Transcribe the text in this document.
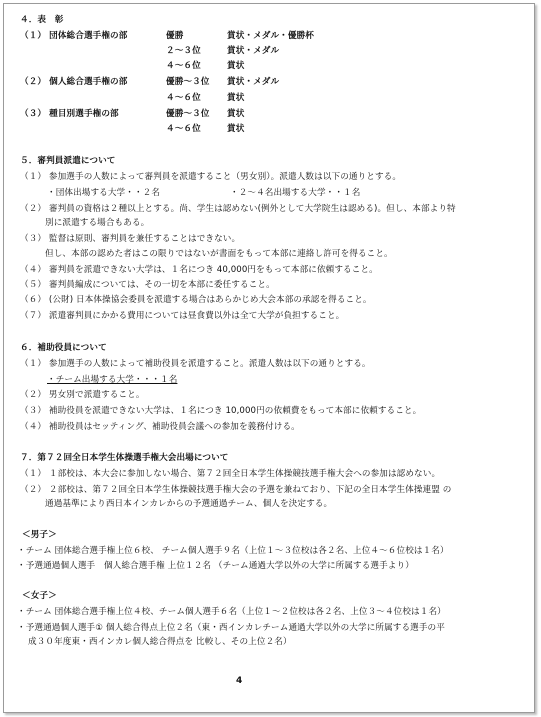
４．表　彰
（１） 団体総合選手権の部	優勝	賞状・メダル・優勝杯
２～３位	賞状・メダル
４～６位	賞状
（２） 個人総合選手権の部	優勝～３位 賞状・メダル
４～６位	賞状
（３） 種目別選手権の部	優勝～３位 賞状
４～６位	賞状
５．審判員派遣について
（１） 参加選手の人数によって審判員を派遣すること（男女別）。派遣人数は以下の通りとする。
・団体出場する大学・・２名	・２～４名出場する大学・・１名
（２） 審判員の資格は２種以上とする。尚、学生は認めない(例外として大学院生は認める)。但し、本部より特
別に派遣する場合もある。
（３） 監督は原則、審判員を兼任することはできない。
但し、本部の認めた者はこの限りではないが書面をもって本部に連絡し許可を得ること。
（４） 審判員を派遣できない大学は、１名につき 40,000円をもって本部に依頼すること。
（５） 審判員編成については、その一切を本部に委任すること。
（６） (公財) 日本体操協会委員を派遣する場合はあらかじめ大会本部の承認を得ること。
（７） 派遣審判員にかかる費用については昼食費以外は全て大学が負担すること。
６．補助役員について
（１） 参加選手の人数によって補助役員を派遣すること。派遣人数は以下の通りとする。
・チーム出場する大学・・・１名
（２） 男女別で派遣すること。
（３） 補助役員を派遣できない大学は、１名につき 10,000円の依頼費をもって本部に依頼すること。
（４） 補助役員はセッティング、補助役員会議への参加を義務付ける。
７．第７２回全日本学生体操選手権大会出場について
（１） １部校は、本大会に参加しない場合、第７２回全日本学生体操競技選手権大会への参加は認めない。
（２） ２部校は、第７２回全日本学生体操競技選手権大会の予選を兼ねており、下記の全日本学生体操連盟 の
通過基準により西日本インカレからの予選通過チーム、個人を決定する。
＜男子＞
・チーム 団体総合選手権上位６校、 チーム個人選手９名（上位１～３位校は各２名、上位４～６位校は１名）
・予選通過個人選手　個人総合選手権 上位１２名 （チーム通過大学以外の大学に所属する選手より）
＜女子＞
・チーム 団体総合選手権上位４校、チーム個人選手６名（上位１～２位校は各２名、上位３～４位校は１名）
・予選通過個人選手① 個人総合得点上位２名（東・西インカレチーム通過大学以外の大学に所属する選手の平
成３０年度東・西インカレ個人総合得点を 比較し、その上位２名）
4
